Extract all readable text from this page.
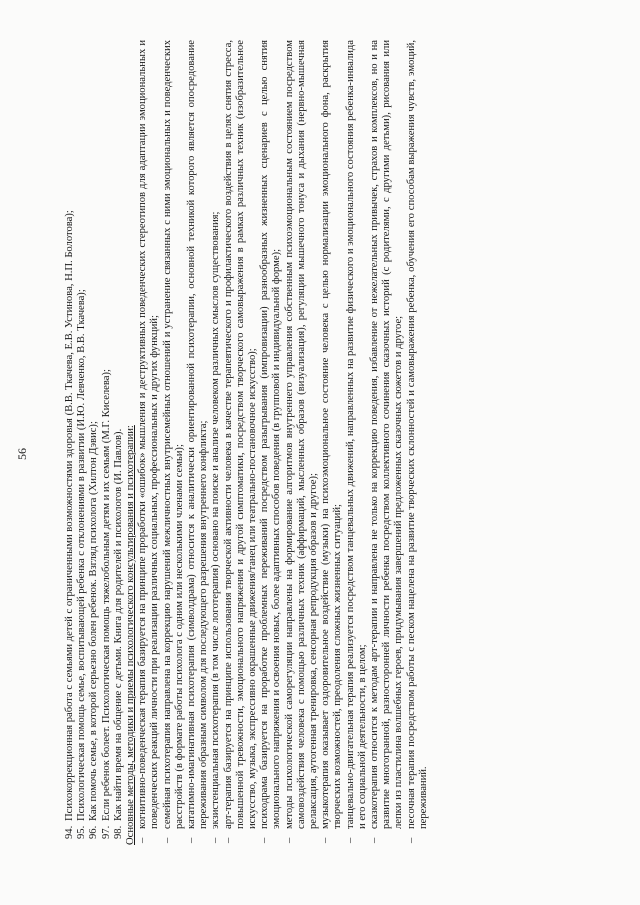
56
94.Психокоррекционная работа с семьями детей с ограниченными возможностями здоровья (В.В. Ткачева, Е.В. Устинова, Н.П. Болотова);
95.Психологическая помощь семье, воспитывающей ребенка с отклонениями в развитии (И.Ю. Левченко, В.В. Ткачева);
96.Как помочь семье, в которой серьезно болен ребенок. Взгляд психолога (Хилтон Дэвис);
97.Если ребенок болеет. Психологическая помощь тяжелобольным детям и их семьям (М.Г. Киселева);
98.Как найти время на общение с детьми. Книга для родителей и психологов (И. Павлов). Основные методы, методики и приемы психологического консультирования и психотерапии: –
когнитивно-поведенческая терапия базируется на принципе проработки «ошибок» мышления и деструктивных поведенческих стереотипов для адаптации эмоциональных и поведенческих реакций личности при реализации различных социальных, профессиональных и других функций;
–
семейная психотерапия направлена на коррекцию нарушений межличностных внутрисемейных отношений и устранение связанных с ними эмоциональных и поведенческих расстройств (в формате работы психолога с одним или несколькими членами семьи);
–
кататимно-имагинативная психотерапия (символдрама) относится к аналитически ориентированной психотерапии, основной техникой которого является опосредование переживания образным символом для последующего разрешения внутреннего конфликта;
–
экзистенциальная психотерапия (в том числе логотерапия) основано на поиске и анализе человеком различных смыслов существования;
–
арт-терапия базируется на принципе использования творческой активности человека в качестве терапевтического и профилактического воздействия в целях снятия стресса, повышенной тревожности, эмоционального напряжения и другой симптоматики, посредством творческого самовыражения в рамках различных техник (изобразительное искусство, музыка, экспрессивно окрашенные движения/танец или театрально-постановочное искусство);
–
психодрама базируется на проработке проблемных переживаний посредством разыгрывания (импровизации) разнообразных жизненных сценариев с целью снятия эмоционального напряжения и освоения новых, более адаптивных способов поведения (в групповой и индивидуальной форме);
–
методы психологической саморегуляции направлены на формирование алгоритмов внутреннего управления собственным психоэмоциональным состоянием посредством самовоздействия человека с помощью различных техник (аффирмаций, мысленных образов (визуализация), регуляции мышечного тонуса и дыхания (нервно-мышечная релаксация, аутогенная тренировка, сенсорная репродукция образов и другое);
–
музыкотерапия оказывает оздоровительное воздействие (музыки) на психоэмоциональное состояние человека с целью нормализации эмоционального фона, раскрытия творческих возможностей, преодоления сложных жизненных ситуаций;
–
танцевально-двигательная терапия реализуется посредством танцевальных движений, направленных на развитие физического и эмоционального состояния ребенка-инвалида и его социальной деятельности, в целом;
–
сказкотерапия относится к методам арт-терапии и направлена не только на коррекцию поведения, избавление от нежелательных привычек, страхов и комплексов, но и на развитие многогранной, разносторонней личности ребенка посредством коллективного сочинения сказочных историй (с родителями, с другими детьми), рисования или лепки из пластилина волшебных героев, придумывания завершений предложенных сказочных сюжетов и другое;
–
песочная терапия посредством работы с песком нацелена на развитие творческих склонностей и самовыражения ребенка, обучения его способам выражения чувств, эмоций, переживаний.
